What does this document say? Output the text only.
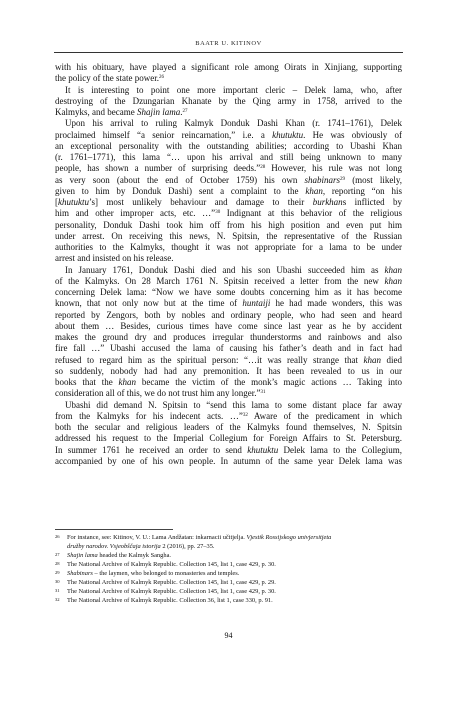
BAATR U. KITINOV
with his obituary, have played a significant role among Oirats in Xinjiang, supporting
the policy of the state power.$^{26}$
It is interesting to point one more important cleric – Delek lama, who, after
destroying of the Dzungarian Khanate by the Qing army in 1758, arrived to the
Kalmyks, and became Shajin lama.$^{27}$
Upon his arrival to ruling Kalmyk Donduk Dashi Khan (r. 1741–1761), Delek
proclaimed himself “a senior reincarnation,” i.e. a khutuktu. He was obviously of
an exceptional personality with the outstanding abilities; according to Ubashi Khan
(r. 1761–1771), this lama “… upon his arrival and still being unknown to many
people, has shown a number of surprising deeds.”$^{28}$ However, his rule was not long
as very soon (about the end of October 1759) his own shabinars$^{29}$ (most likely,
given to him by Donduk Dashi) sent a complaint to the khan, reporting “on his
[khutuktu’s] most unlikely behaviour and damage to their burkhans inflicted by
him and other improper acts, etc. …”$^{30}$ Indignant at this behavior of the religious
personality, Donduk Dashi took him off from his high position and even put him
under arrest. On receiving this news, N. Spitsin, the representative of the Russian
authorities to the Kalmyks, thought it was not appropriate for a lama to be under
arrest and insisted on his release.
In January 1761, Donduk Dashi died and his son Ubashi succeeded him as khan
of the Kalmyks. On 28 March 1761 N. Spitsin received a letter from the new khan
concerning Delek lama: “Now we have some doubts concerning him as it has become
known, that not only now but at the time of huntaiji he had made wonders, this was
reported by Zengors, both by nobles and ordinary people, who had seen and heard
about them … Besides, curious times have come since last year as he by accident
makes the ground dry and produces irregular thunderstorms and rainbows and also
fire fall …” Ubashi accused the lama of causing his father’s death and in fact had
refused to regard him as the spiritual person: “…it was really strange that khan died
so suddenly, nobody had had any premonition. It has been revealed to us in our
books that the khan became the victim of the monk’s magic actions … Taking into
consideration all of this, we do not trust him any longer.”$^{31}$
Ubashi did demand N. Spitsin to “send this lama to some distant place far away
from the Kalmyks for his indecent acts. …”$^{32}$ Aware of the predicament in which
both the secular and religious leaders of the Kalmyks found themselves, N. Spitsin
addressed his request to the Imperial Collegium for Foreign Affairs to St. Petersburg.
In summer 1761 he received an order to send khutuktu Delek lama to the Collegium,
accompanied by one of his own people. In autumn of the same year Delek lama was
26 For instance, see: Kitinov, V. U.: Lama Andžatan: inkarnacii učitjelja. Vjestik Rossijskogo univjersitjeta
družby narodov. Vsjeobščaja istorija 2 (2016), pp. 27–35.
27 Shajin lama headed the Kalmyk Sangha.
28 The National Archive of Kalmyk Republic. Collection 145, list 1, case 429, p. 30.
29 Shabinars – the laymen, who belonged to monasteries and temples.
30 The National Archive of Kalmyk Republic. Collection 145, list 1, case 429, p. 29.
31 The National Archive of Kalmyk Republic. Collection 145, list 1, case 429, p. 30.
32 The National Archive of Kalmyk Republic. Collection 36, list 1, case 330, p. 91.
94
